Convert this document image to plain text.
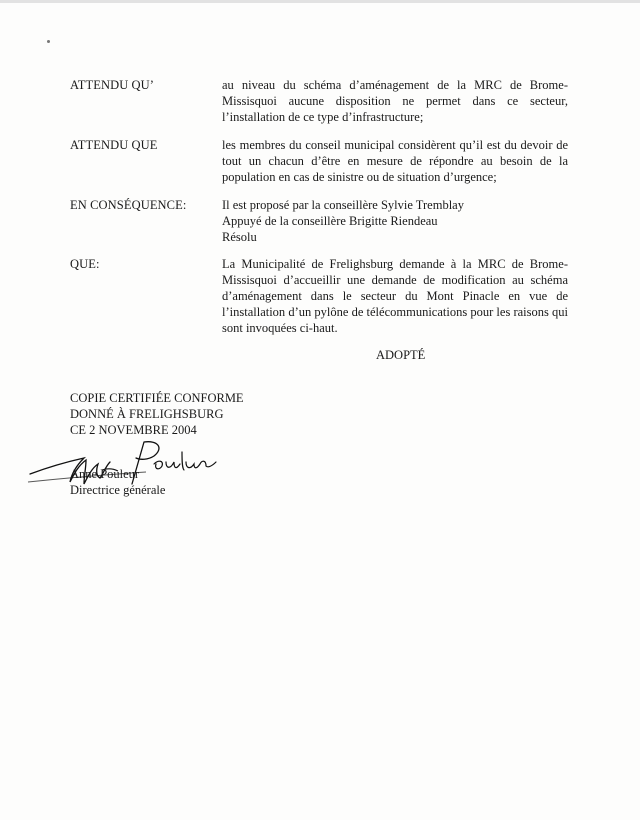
ATTENDU QU’	au niveau du schéma d’aménagement de la MRC de Brome-
Missisquoi aucune disposition ne permet dans ce secteur,
l’installation de ce type d’infrastructure;
ATTENDU QUE	les membres du conseil municipal considèrent qu’il est du devoir de
tout un chacun d’être en mesure de répondre au besoin de la
population en cas de sinistre ou de situation d’urgence;
EN CONSÉQUENCE:	Il est proposé par la conseillère Sylvie Tremblay
Appuyé de la conseillère Brigitte Riendeau
Résolu
QUE:	La Municipalité de Frelighsburg demande à la MRC de Brome-
Missisquoi d’accueillir une demande de modification au schéma
d’aménagement dans le secteur du Mont Pinacle en vue de
l’installation d’un pylône de télécommunications pour les raisons qui
sont invoquées ci-haut.
ADOPTÉ
COPIE CERTIFIÉE CONFORME
DONNÉ À FRELIGHSBURG
CE 2 NOVEMBRE 2004
Anne Pouleur
Directrice générale
